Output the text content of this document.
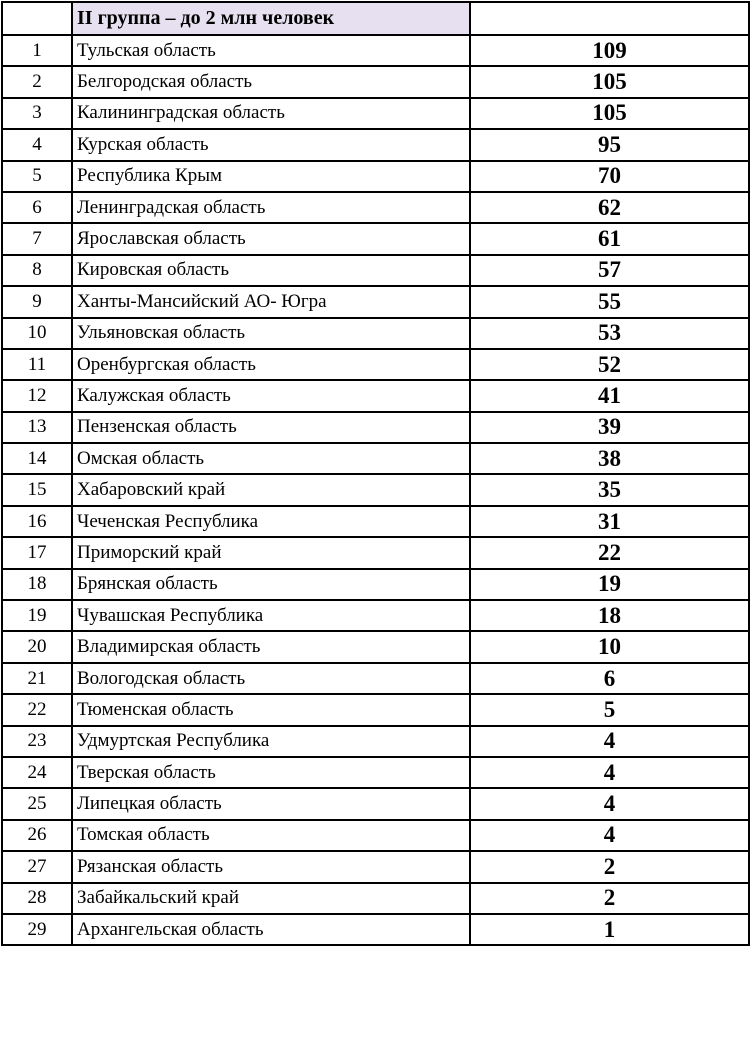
	II группа – до 2 млн человек	
1	Тульская область	109
2	Белгородская область	105
3	Калининградская область	105
4	Курская область	95
5	Республика Крым	70
6	Ленинградская область	62
7	Ярославская область	61
8	Кировская область	57
9	Ханты-Мансийский АО- Югра	55
10	Ульяновская область	53
11	Оренбургская область	52
12	Калужская область	41
13	Пензенская область	39
14	Омская область	38
15	Хабаровский край	35
16	Чеченская Республика	31
17	Приморский край	22
18	Брянская область	19
19	Чувашская Республика	18
20	Владимирская область	10
21	Вологодская область	6
22	Тюменская область	5
23	Удмуртская Республика	4
24	Тверская область	4
25	Липецкая область	4
26	Томская область	4
27	Рязанская область	2
28	Забайкальский край	2
29	Архангельская область	1
